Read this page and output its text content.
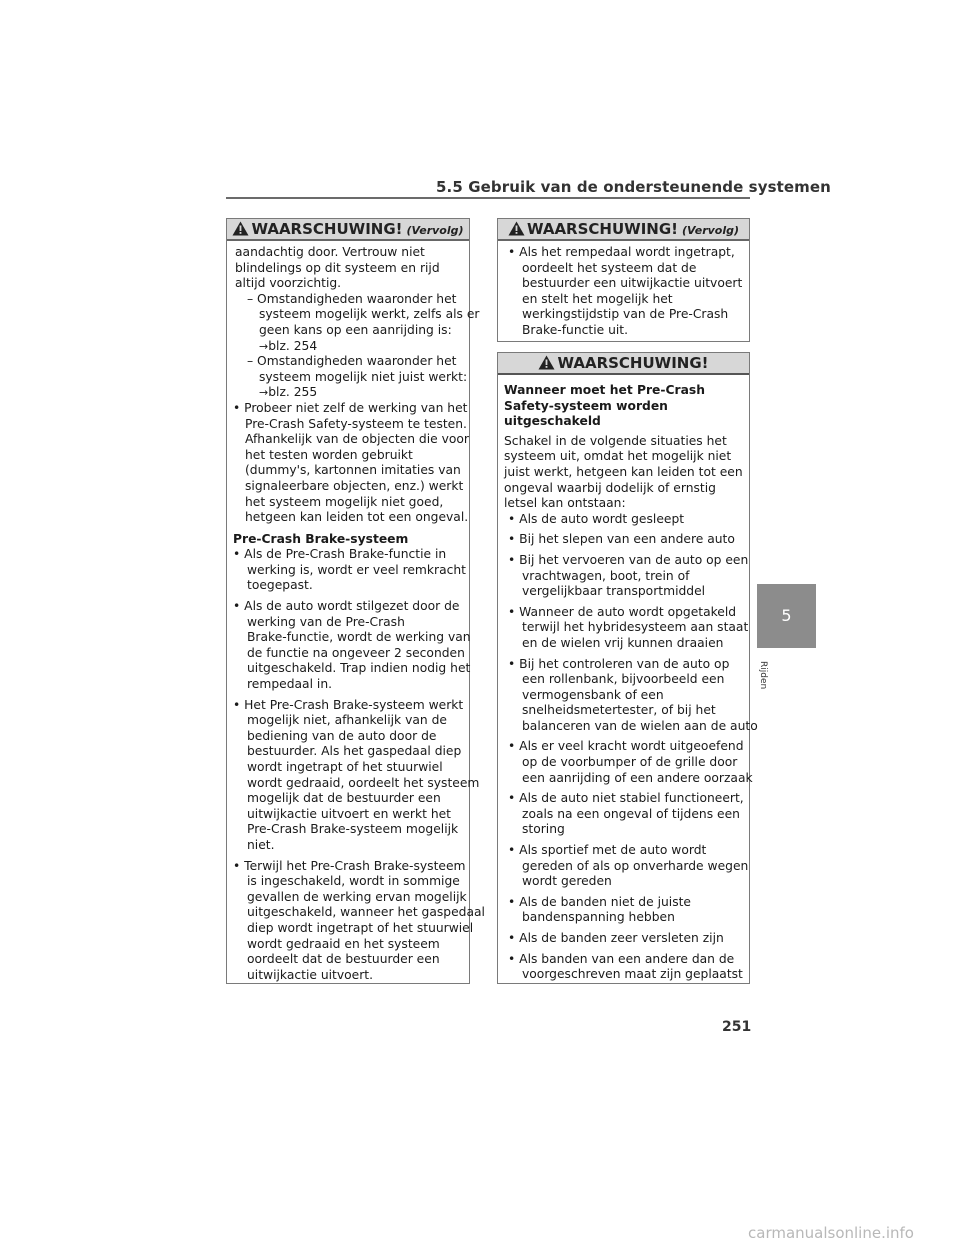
5.5 Gebruik van de ondersteunende systemen
WAARSCHUWING! (Vervolg)
aandachtig door. Vertrouw niet
blindelings op dit systeem en rijd
altijd voorzichtig.
– Omstandigheden waaronder het
systeem mogelijk werkt, zelfs als er
geen kans op een aanrijding is:
→blz. 254
– Omstandigheden waaronder het
systeem mogelijk niet juist werkt:
→blz. 255
• Probeer niet zelf de werking van het
Pre-Crash Safety-systeem te testen.
Afhankelijk van de objecten die voor
het testen worden gebruikt
(dummy's, kartonnen imitaties van
signaleerbare objecten, enz.) werkt
het systeem mogelijk niet goed,
hetgeen kan leiden tot een ongeval.
Pre-Crash Brake-systeem
• Als de Pre-Crash Brake-functie in
werking is, wordt er veel remkracht
toegepast.
• Als de auto wordt stilgezet door de
werking van de Pre-Crash
Brake-functie, wordt de werking van
de functie na ongeveer 2 seconden
uitgeschakeld. Trap indien nodig het
rempedaal in.
• Het Pre-Crash Brake-systeem werkt
mogelijk niet, afhankelijk van de
bediening van de auto door de
bestuurder. Als het gaspedaal diep
wordt ingetrapt of het stuurwiel
wordt gedraaid, oordeelt het systeem
mogelijk dat de bestuurder een
uitwijkactie uitvoert en werkt het
Pre-Crash Brake-systeem mogelijk
niet.
• Terwijl het Pre-Crash Brake-systeem
is ingeschakeld, wordt in sommige
gevallen de werking ervan mogelijk
uitgeschakeld, wanneer het gaspedaal
diep wordt ingetrapt of het stuurwiel
wordt gedraaid en het systeem
oordeelt dat de bestuurder een
uitwijkactie uitvoert.
WAARSCHUWING! (Vervolg)
• Als het rempedaal wordt ingetrapt,
oordeelt het systeem dat de
bestuurder een uitwijkactie uitvoert
en stelt het mogelijk het
werkingstijdstip van de Pre-Crash
Brake-functie uit.
WAARSCHUWING!
Wanneer moet het Pre-Crash
Safety-systeem worden
uitgeschakeld
Schakel in de volgende situaties het
systeem uit, omdat het mogelijk niet
juist werkt, hetgeen kan leiden tot een
ongeval waarbij dodelijk of ernstig
letsel kan ontstaan:
• Als de auto wordt gesleept
• Bij het slepen van een andere auto
• Bij het vervoeren van de auto op een
vrachtwagen, boot, trein of
vergelijkbaar transportmiddel
• Wanneer de auto wordt opgetakeld
terwijl het hybridesysteem aan staat
en de wielen vrij kunnen draaien
• Bij het controleren van de auto op
een rollenbank, bijvoorbeeld een
vermogensbank of een
snelheidsmetertester, of bij het
balanceren van de wielen aan de auto
• Als er veel kracht wordt uitgeoefend
op de voorbumper of de grille door
een aanrijding of een andere oorzaak
• Als de auto niet stabiel functioneert,
zoals na een ongeval of tijdens een
storing
• Als sportief met de auto wordt
gereden of als op onverharde wegen
wordt gereden
• Als de banden niet de juiste
bandenspanning hebben
• Als de banden zeer versleten zijn
• Als banden van een andere dan de
voorgeschreven maat zijn geplaatst
5
Rijden
251
carmanualsonline.info
